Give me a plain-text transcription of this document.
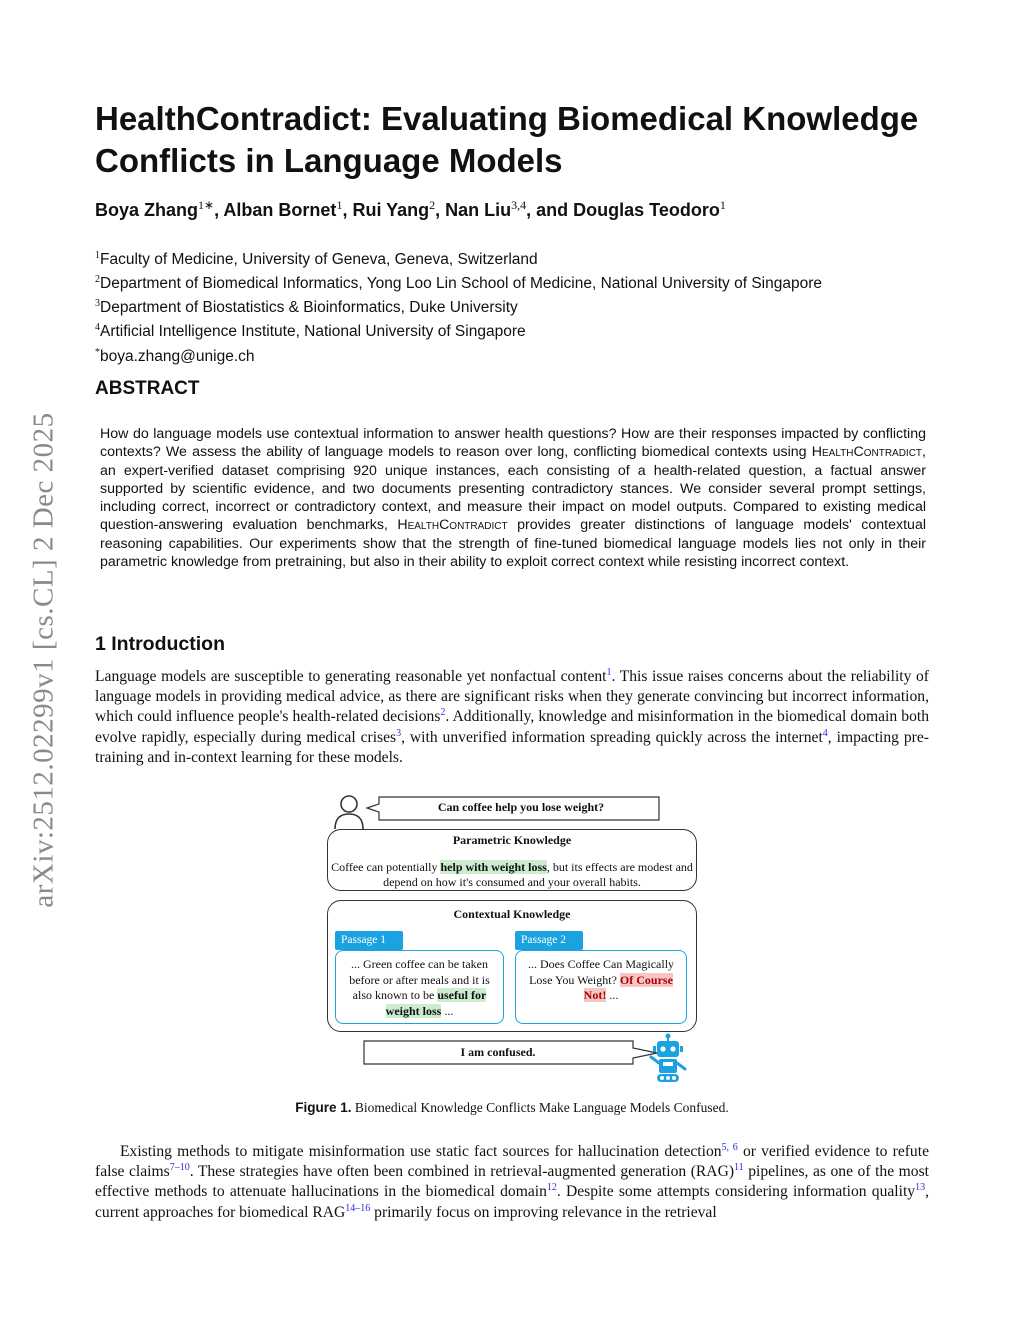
arXiv:2512.02299v1 [cs.CL] 2 Dec 2025
HealthContradict: Evaluating Biomedical Knowledge Conflicts in Language Models
Boya Zhang$^{1∗}$, Alban Bornet$^1$, Rui Yang$^2$, Nan Liu$^{3,4}$, and Douglas Teodoro$^1$
$^1$Faculty of Medicine, University of Geneva, Geneva, Switzerland
$^2$Department of Biomedical Informatics, Yong Loo Lin School of Medicine, National University of Singapore
$^3$Department of Biostatistics & Bioinformatics, Duke University
$^4$Artificial Intelligence Institute, National University of Singapore
*boya.zhang@unige.ch
ABSTRACT
How do language models use contextual information to answer health questions? How are their responses impacted by conflicting contexts? We assess the ability of language models to reason over long, conflicting biomedical contexts using HealthContradict, an expert-verified dataset comprising 920 unique instances, each consisting of a health-related question, a factual answer supported by scientific evidence, and two documents presenting contradictory stances. We consider several prompt settings, including correct, incorrect or contradictory context, and measure their impact on model outputs. Compared to existing medical question-answering evaluation benchmarks, HealthContradict provides greater distinctions of language models' contextual reasoning capabilities. Our experiments show that the strength of fine-tuned biomedical language models lies not only in their parametric knowledge from pretraining, but also in their ability to exploit correct context while resisting incorrect context.
1 Introduction
Language models are susceptible to generating reasonable yet nonfactual content$^1$. This issue raises concerns about the reliability of language models in providing medical advice, as there are significant risks when they generate convincing but incorrect information, which could influence people's health-related decisions$^2$. Additionally, knowledge and misinformation in the biomedical domain both evolve rapidly, especially during medical crises$^3$, with unverified information spreading quickly across the internet$^4$, impacting pre-training and in-context learning for these models.
Can coffee help you lose weight?
Parametric Knowledge
Coffee can potentially help with weight loss, but its effects are modest and depend on how it's consumed and your overall habits.
Contextual Knowledge
Passage 1
... Green coffee can be taken before or after meals and it is also known to be useful for weight loss ...
Passage 2
... Does Coffee Can Magically Lose You Weight? Of Course Not! ...
I am confused.
Figure 1. Biomedical Knowledge Conflicts Make Language Models Confused.
Existing methods to mitigate misinformation use static fact sources for hallucination detection$^{5, 6}$ or verified evidence to refute false claims$^{7-10}$. These strategies have often been combined in retrieval-augmented generation (RAG)$^{11}$ pipelines, as one of the most effective methods to attenuate hallucinations in the biomedical domain$^{12}$. Despite some attempts considering information quality$^{13}$, current approaches for biomedical RAG$^{14-16}$ primarily focus on improving relevance in the retrieval
